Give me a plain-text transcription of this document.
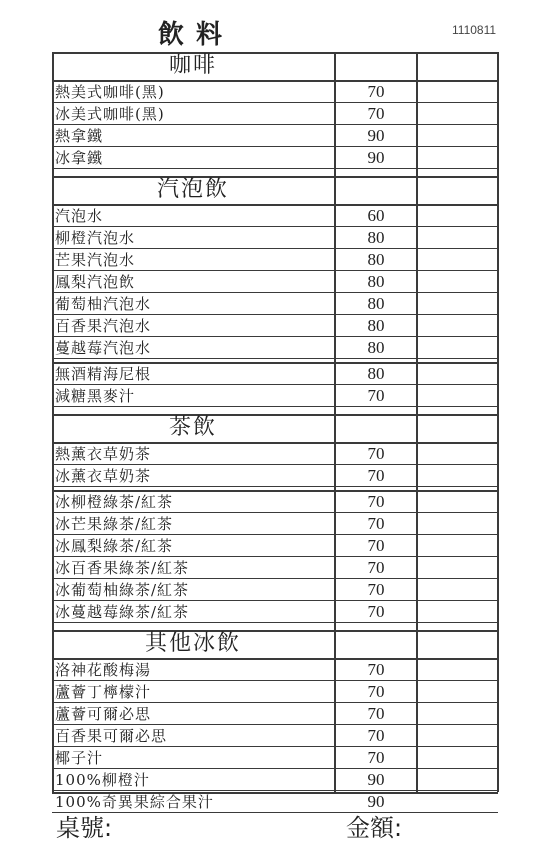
飲料	1110811
咖啡
熱美式咖啡(黑)	70
冰美式咖啡(黑)	70
熱拿鐵	90
冰拿鐵	90
汽泡飲
汽泡水	60
柳橙汽泡水	80
芒果汽泡水	80
鳳梨汽泡飲	80
葡萄柚汽泡水	80
百香果汽泡水	80
蔓越莓汽泡水	80
無酒精海尼根	80
減糖黑麥汁	70
茶飲
熱薰衣草奶茶	70
冰薰衣草奶茶	70
冰柳橙綠茶/紅茶	70
冰芒果綠茶/紅茶	70
冰鳳梨綠茶/紅茶	70
冰百香果綠茶/紅茶	70
冰葡萄柚綠茶/紅茶	70
冰蔓越莓綠茶/紅茶	70
其他冰飲
洛神花酸梅湯	70
蘆薈丁檸檬汁	70
蘆薈可爾必思	70
百香果可爾必思	70
椰子汁	70
100%柳橙汁	90
100%奇異果綜合果汁	90
桌號:	金額:
